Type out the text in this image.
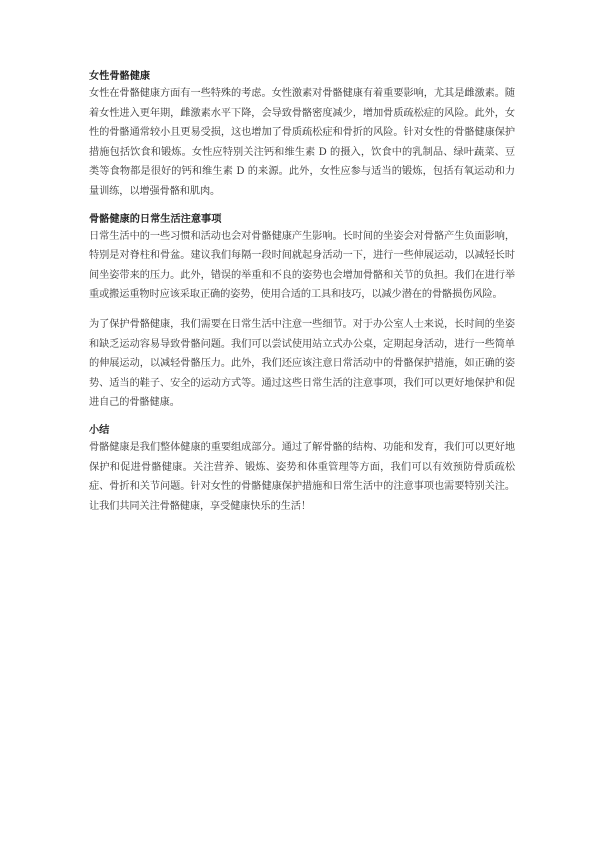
女性骨骼健康

女性在骨骼健康方面有一些特殊的考虑。女性激素对骨骼健康有着重要影响，尤其是雌激素。随着女性进入更年期，雌激素水平下降，会导致骨骼密度减少，增加骨质疏松症的风险。此外，女性的骨骼通常较小且更易受损，这也增加了骨质疏松症和骨折的风险。针对女性的骨骼健康保护措施包括饮食和锻炼。女性应特别关注钙和维生素 D 的摄入，饮食中的乳制品、绿叶蔬菜、豆类等食物都是很好的钙和维生素 D 的来源。此外，女性应参与适当的锻炼，包括有氧运动和力量训练，以增强骨骼和肌肉。

骨骼健康的日常生活注意事项

日常生活中的一些习惯和活动也会对骨骼健康产生影响。长时间的坐姿会对骨骼产生负面影响，特别是对脊柱和骨盆。建议我们每隔一段时间就起身活动一下，进行一些伸展运动，以减轻长时间坐姿带来的压力。此外，错误的举重和不良的姿势也会增加骨骼和关节的负担。我们在进行举重或搬运重物时应该采取正确的姿势，使用合适的工具和技巧，以减少潜在的骨骼损伤风险。

为了保护骨骼健康，我们需要在日常生活中注意一些细节。对于办公室人士来说，长时间的坐姿和缺乏运动容易导致骨骼问题。我们可以尝试使用站立式办公桌，定期起身活动，进行一些简单的伸展运动，以减轻骨骼压力。此外，我们还应该注意日常活动中的骨骼保护措施，如正确的姿势、适当的鞋子、安全的运动方式等。通过这些日常生活的注意事项，我们可以更好地保护和促进自己的骨骼健康。

小结

骨骼健康是我们整体健康的重要组成部分。通过了解骨骼的结构、功能和发育，我们可以更好地保护和促进骨骼健康。关注营养、锻炼、姿势和体重管理等方面，我们可以有效预防骨质疏松症、骨折和关节问题。针对女性的骨骼健康保护措施和日常生活中的注意事项也需要特别关注。让我们共同关注骨骼健康，享受健康快乐的生活！
